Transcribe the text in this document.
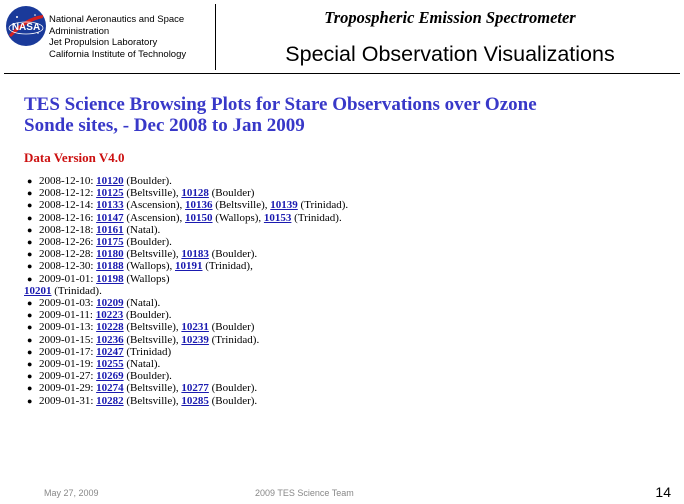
NASA
National Aeronautics and Space
Administration
Jet Propulsion Laboratory
California Institute of Technology
Tropospheric Emission Spectrometer
Special Observation Visualizations
TES Science Browsing Plots for Stare Observations over Ozone
Sonde sites, - Dec 2008 to Jan 2009
Data Version V4.0
● 2008-12-10: 10120 (Boulder).
● 2008-12-12: 10125 (Beltsville), 10128 (Boulder)
● 2008-12-14: 10133 (Ascension), 10136 (Beltsville), 10139 (Trinidad).
● 2008-12-16: 10147 (Ascension), 10150 (Wallops), 10153 (Trinidad).
● 2008-12-18: 10161 (Natal).
● 2008-12-26: 10175 (Boulder).
● 2008-12-28: 10180 (Beltsville), 10183 (Boulder).
● 2008-12-30: 10188 (Wallops), 10191 (Trinidad),
● 2009-01-01: 10198 (Wallops)
10201 (Trinidad).
● 2009-01-03: 10209 (Natal).
● 2009-01-11: 10223 (Boulder).
● 2009-01-13: 10228 (Beltsville), 10231 (Boulder)
● 2009-01-15: 10236 (Beltsville), 10239 (Trinidad).
● 2009-01-17: 10247 (Trinidad)
● 2009-01-19: 10255 (Natal).
● 2009-01-27: 10269 (Boulder).
● 2009-01-29: 10274 (Beltsville), 10277 (Boulder).
● 2009-01-31: 10282 (Beltsville), 10285 (Boulder).
May 27, 2009	2009 TES Science Team	14
